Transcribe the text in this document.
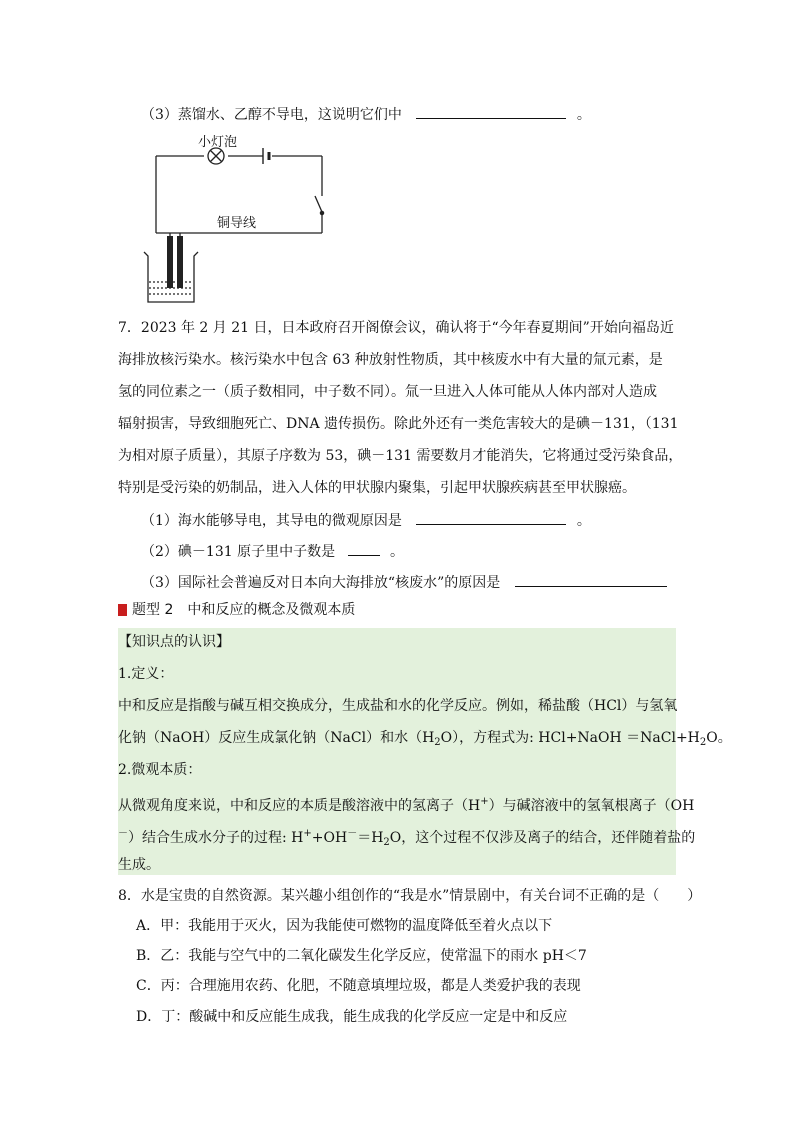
（3）蒸馏水、乙醇不导电，这说明它们中	。
小灯泡
铜导线
7．2023 年 2 月 21 日，日本政府召开阁僚会议，确认将于“今年春夏期间”开始向福岛近
海排放核污染水。核污染水中包含 63 种放射性物质，其中核废水中有大量的氚元素，是
氢的同位素之一（质子数相同，中子数不同）。氚一旦进入人体可能从人体内部对人造成
辐射损害，导致细胞死亡、DNA 遗传损伤。除此外还有一类危害较大的是碘－131，（131
为相对原子质量），其原子序数为 53，碘－131 需要数月才能消失，它将通过受污染食品，
特别是受污染的奶制品，进入人体的甲状腺内聚集，引起甲状腺疾病甚至甲状腺癌。
（1）海水能够导电，其导电的微观原因是	。
（2）碘－131 原子里中子数是	。
（3）国际社会普遍反对日本向大海排放“核废水”的原因是
题型 2　中和反应的概念及微观本质
【知识点的认识】
1.定义：
中和反应是指酸与碱互相交换成分，生成盐和水的化学反应。例如，稀盐酸（HCl）与氢氧
化钠（NaOH）反应生成氯化钠（NaCl）和水$(H_2O)$，方程式为: HCl+NaOH $=NaCl+H_2O$。
2.微观本质：
从微观角度来说，中和反应的本质是酸溶液中的氢离子（H+）与碱溶液中的氢氧根离子（OH
－）结合生成水分子的过程: $H^++OH^-=H_2O$，这个过程不仅涉及离子的结合，还伴随着盐的
生成。
8．水是宝贵的自然资源。某兴趣小组创作的“我是水”情景剧中，有关台词不正确的是（　　）
A．甲：我能用于灭火，因为我能使可燃物的温度降低至着火点以下
B．乙：我能与空气中的二氧化碳发生化学反应，使常温下的雨水 pH＜7
C．丙：合理施用农药、化肥，不随意填埋垃圾，都是人类爱护我的表现
D．丁：酸碱中和反应能生成我，能生成我的化学反应一定是中和反应
